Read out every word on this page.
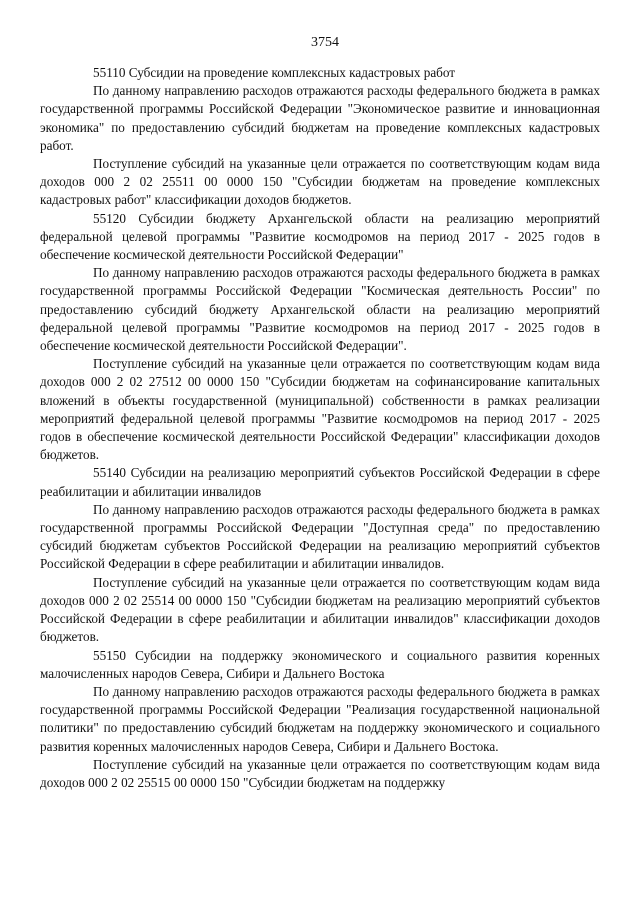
3754

55110 Субсидии на проведение комплексных кадастровых работ

По данному направлению расходов отражаются расходы федерального бюджета в рамках государственной программы Российской Федерации "Экономическое развитие и инновационная экономика" по предоставлению субсидий бюджетам на проведение комплексных кадастровых работ.

Поступление субсидий на указанные цели отражается по соответствующим кодам вида доходов 000 2 02 25511 00 0000 150 "Субсидии бюджетам на проведение комплексных кадастровых работ" классификации доходов бюджетов.

55120 Субсидии бюджету Архангельской области на реализацию мероприятий федеральной целевой программы "Развитие космодромов на период 2017 - 2025 годов в обеспечение космической деятельности Российской Федерации"

По данному направлению расходов отражаются расходы федерального бюджета в рамках государственной программы Российской Федерации "Космическая деятельность России" по предоставлению субсидий бюджету Архангельской области на реализацию мероприятий федеральной целевой программы "Развитие космодромов на период 2017 - 2025 годов в обеспечение космической деятельности Российской Федерации".

Поступление субсидий на указанные цели отражается по соответствующим кодам вида доходов 000 2 02 27512 00 0000 150 "Субсидии бюджетам на софинансирование капитальных вложений в объекты государственной (муниципальной) собственности в рамках реализации мероприятий федеральной целевой программы "Развитие космодромов на период 2017 - 2025 годов в обеспечение космической деятельности Российской Федерации" классификации доходов бюджетов.

55140 Субсидии на реализацию мероприятий субъектов Российской Федерации в сфере реабилитации и абилитации инвалидов

По данному направлению расходов отражаются расходы федерального бюджета в рамках государственной программы Российской Федерации "Доступная среда" по предоставлению субсидий бюджетам субъектов Российской Федерации на реализацию мероприятий субъектов Российской Федерации в сфере реабилитации и абилитации инвалидов.

Поступление субсидий на указанные цели отражается по соответствующим кодам вида доходов 000 2 02 25514 00 0000 150 "Субсидии бюджетам на реализацию мероприятий субъектов Российской Федерации в сфере реабилитации и абилитации инвалидов" классификации доходов бюджетов.

55150 Субсидии на поддержку экономического и социального развития коренных малочисленных народов Севера, Сибири и Дальнего Востока

По данному направлению расходов отражаются расходы федерального бюджета в рамках государственной программы Российской Федерации "Реализация государственной национальной политики" по предоставлению субсидий бюджетам на поддержку экономического и социального развития коренных малочисленных народов Севера, Сибири и Дальнего Востока.

Поступление субсидий на указанные цели отражается по соответствующим кодам вида доходов 000 2 02 25515 00 0000 150 "Субсидии бюджетам на поддержку
